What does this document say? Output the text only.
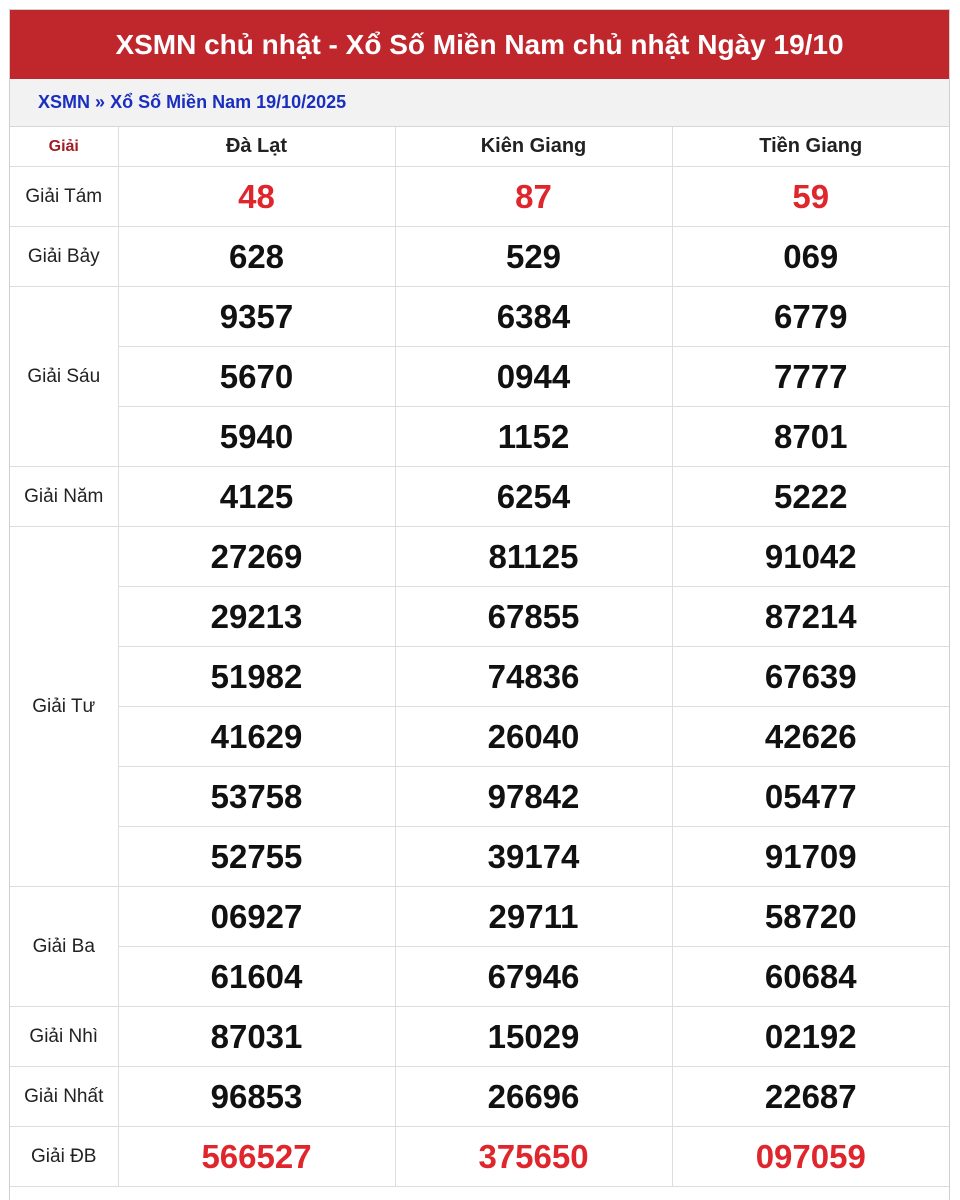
XSMN chủ nhật - Xổ Số Miền Nam chủ nhật Ngày 19/10
XSMN » Xổ Số Miền Nam 19/10/2025
Giải	Đà Lạt	Kiên Giang	Tiền Giang
Giải Tám	48	87	59
Giải Bảy	628	529	069
Giải Sáu	9357	6384	6779
	5670	0944	7777
	5940	1152	8701
Giải Năm	4125	6254	5222
Giải Tư	27269	81125	91042
	29213	67855	87214
	51982	74836	67639
	41629	26040	42626
	53758	97842	05477
	52755	39174	91709
Giải Ba	06927	29711	58720
	61604	67946	60684
Giải Nhì	87031	15029	02192
Giải Nhất	96853	26696	22687
Giải ĐB	566527	375650	097059
